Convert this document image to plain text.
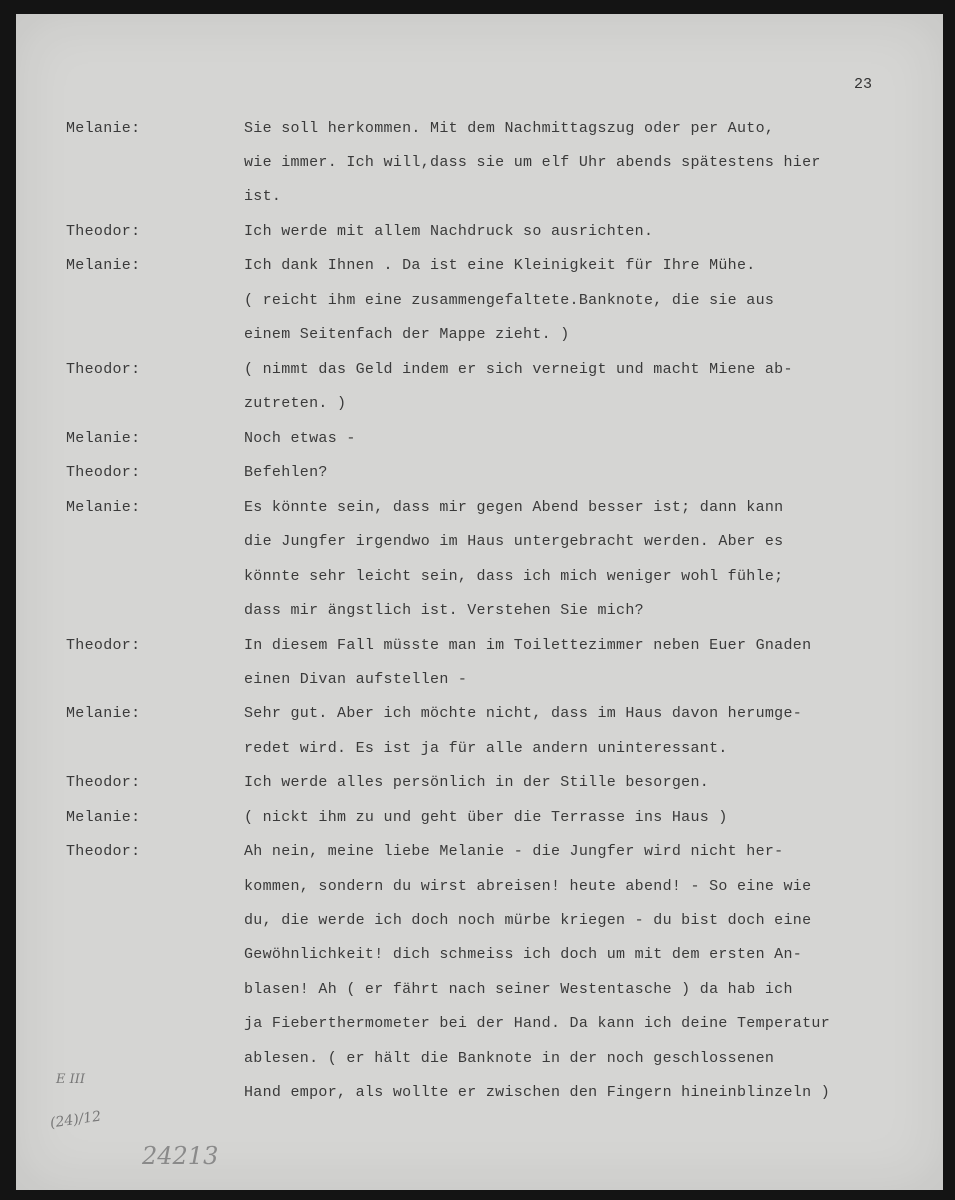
23
Melanie:	Sie soll herkommen. Mit dem Nachmittagszug oder per Auto,
wie immer. Ich will,dass sie um elf Uhr abends spätestens hier
ist.
Theodor:	Ich werde mit allem Nachdruck so ausrichten.
Melanie:	Ich dank Ihnen . Da ist eine Kleinigkeit für Ihre Mühe.
( reicht ihm eine zusammengefaltete.Banknote, die sie aus
einem Seitenfach der Mappe zieht. )
Theodor:	( nimmt das Geld indem er sich verneigt und macht Miene ab-
zutreten. )
Melanie:	Noch etwas -
Theodor:	Befehlen?
Melanie:	Es könnte sein, dass mir gegen Abend besser ist; dann kann
die Jungfer irgendwo im Haus untergebracht werden. Aber es
könnte sehr leicht sein, dass ich mich weniger wohl fühle;
dass mir ängstlich ist. Verstehen Sie mich?
Theodor:	In diesem Fall müsste man im Toilettezimmer neben Euer Gnaden
einen Divan aufstellen -
Melanie:	Sehr gut. Aber ich möchte nicht, dass im Haus davon herumge-
redet wird. Es ist ja für alle andern uninteressant.
Theodor:	Ich werde alles persönlich in der Stille besorgen.
Melanie:	( nickt ihm zu und geht über die Terrasse ins Haus )
Theodor:	Ah nein, meine liebe Melanie - die Jungfer wird nicht her-
kommen, sondern du wirst abreisen! heute abend! - So eine wie
du, die werde ich doch noch mürbe kriegen - du bist doch eine
Gewöhnlichkeit! dich schmeiss ich doch um mit dem ersten An-
blasen! Ah ( er fährt nach seiner Westentasche ) da hab ich
ja Fieberthermometer bei der Hand. Da kann ich deine Temperatur
ablesen. ( er hält die Banknote in der noch geschlossenen
Hand empor, als wollte er zwischen den Fingern hineinblinzeln )
E III
(24)/12
24213
